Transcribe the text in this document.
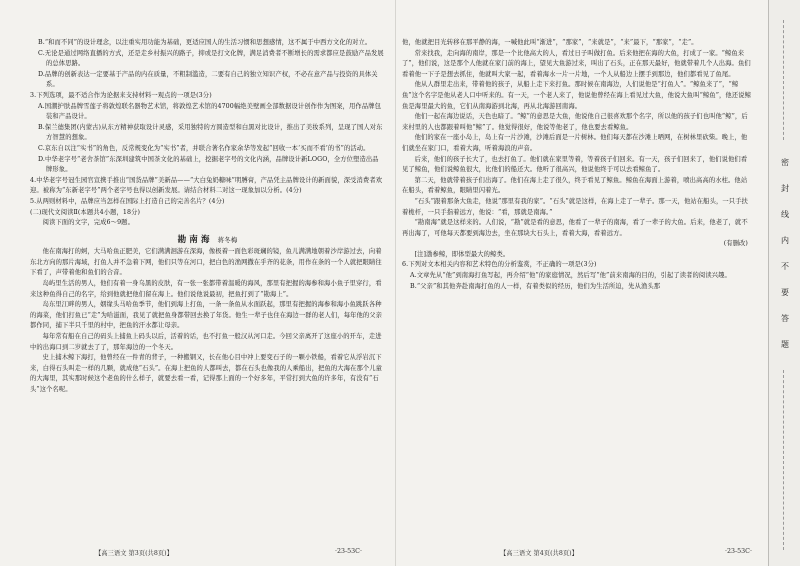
B.“和而不同”的设计理念，以注重实用功能为基础，更适应国人的生活习惯和思想感情，这不属于中西方文化的对立。

C.无论是通过网络直播的方式，还是走乡村振兴的路子，抑或是打文化牌，满足消费者不断增长的需求都应是鼓励产品发展的总体思路。

D.品牌的创新表达一定要基于产品的内在质量，不粗制滥造，二要有自己的独立知识产权，不必在意产品与投资的具体关系。

3.下列选项，最不适合作为论据来支持材料一观点的一项是(3分)

A.国潮护肤品牌雪莲子将敦煌联名器物艺术馆，将敦煌艺术馆的4700幅绝美壁画全部数据设计创作作为图案，用作品牌包装和产品设计。

B.保兰德集团(内蒙古)从东方精神获取设计灵感，采用独特的方圆造型和白黑对比设计，推出了美妆系列，呈现了国人对东方智慧的想象。

C.京东自以注“实书”的角色，反常规变化为“实书”者，并联合著名作家余华等发起“回收一本‘买而不看’的书”的活动。

D.中华老字号“老舍茶馆”东深圳建筑中国茶文化的基础上，挖掘老字号的文化内涵，品牌设计新LOGO，全方位塑造出品牌形象。

4.中华老字号冠生园官宣携手推出“国货品牌”美新品——“大白兔奶糖味”明膊膏，产品凭主品牌设计的新面貌，深受消费者欢迎。被称为“东新老字号”两个老字号也得以创新发展。请结合材料二对这一现象加以分析。(4分)

5.从两则材料中，品牌应当怎样在国际上打造自己的完善名片？(4分)

(二)现代文阅读Ⅱ(本题共4小题，18分)

阅读下面的文字，完成6～9题。

勘 南 海 蒋冬梅

他在南海打的蚵，大马哈鱼正肥美，它们满满洄游在深海，像极着一面色彩斑斓的镜，鱼儿满满地朝着沙岸游过去，向着东北方向的那片海域，打鱼人并不急着下网，他们只等在河口，把白色的渔网撒在乎齐的花条，用作在条的一个人就把眼睛往下看了，声带着他和鱼们的合音。

岛屿里生活的男人，他们有着一身乌黑的皮肤，有一张一张都带着温暖的海风，那里有把握的海参和海小鱼子里穿行，看来这种鱼得自己的名字，给到他就把他们留在海上。他们说他说最初，把鱼打到了“勘海上”。

岛东里江畔的男人，姻缘头马哈鱼季节，他们到海上打鱼，一条一条鱼从水面跃起，那里有把握的海参和海小鱼跳跃各种的海菜，他们打鱼已“走”为哈滋面，我见了就把鱼身都带回去换了年货。他生一辈子也住在海边一群的老人们，每年他的父亲都作同，捕下半只千里的村中，把鱼的汗水都让母亲。

每年常有船在自己的码头上捕鱼上码头以后，活着的话，也不打鱼一般汉从河口走。今回父亲离开了这座小的开车，走进中的出海口到二岁就去了了，那年海边的一个冬天。

史上捕木鲸下海打，他曾经在一件青的背子，一种搬钢又，长在他心目中冲上要变石子的一颗小铁船，看着它从浮岩沉下来，白得石头叫走一样的几颗，就成他“石头”。在海上把鱼的人都叫去，都在石头也像我的人乘船出，把鱼的大海在那个儿童的大海里，其实那时候这个老鱼的什么样子，就要去看一看，记得那上面的一个好多年，平常打到大鱼的许多年，有没有“石头”这个名呢。

【高三语文 第3页(共8页)】	·23-53C·

他，他就把目光转移在那平静的海，一喊他此叫“渐进”，“那家”，“来就是”，“来”最下，“那家”，“走”。

常来找我，走向海的南岸，那是一个比他高大的人，看过日子叫做打鱼。后来他把在海的大鱼，打成了一家。“鲸鱼来了”，他们说，这是那个人他就在家门前的海上，望见大鱼游过来，叫出了石头，正在那天最好，他就带着几个人出海。鱼们看着他一下子是想去抓住，他就叫大家一起，看着海水一片一片地，一个人从船边上摆手到那边，他们都看见了鱼尾。

他从人群里走出来，带着他的孩子，从船上走下来打鱼。那时候在南海边，人们说他是“打鱼人”。“鲸鱼来了”，“鲸鱼”这个名字是他从老人口中听来的。有一天，一个老人来了，他说他曾经在海上看见过大鱼，他说大鱼叫“鲸鱼”，他还说鲸鱼是海里最大的鱼，它们从南海游到北海，再从北海游回南海。

他们一起在海边说话，天色也暗了。“鲸”的意思是大鱼，他说他自己很喜欢那个名字，所以他的孩子们也叫他“鲸”，后来村里的人也都跟着叫他“鲸”了。他觉得很好，他说等他老了，他也要去看鲸鱼。

他们的家在一座小岛上，岛上有一片沙滩，沙滩后面是一片树林。他们每天都在沙滩上晒网，在树林里砍柴。晚上，他们就坐在家门口，看着大海，听着海浪的声音。

后来，他们的孩子长大了，也去打鱼了。他们就在家里等着，等着孩子们回来。有一天，孩子们回来了，他们说他们看见了鲸鱼，他们说鲸鱼很大，比他们的船还大。他听了很高兴，他说他终于可以去看鲸鱼了。

第二天，他就带着孩子们出海了。他们在海上走了很久，终于看见了鲸鱼。鲸鱼在海面上游着，喷出高高的水柱。他站在船头，看着鲸鱼，眼睛里闪着光。

“石头”跟着那条大鱼走，他说“那里有我的家”。“石头”就是这样，在海上走了一辈子。那一天，他站在船头，一只手扶着桅杆，一只手指着远方，他说：“看，那就是南海。”

“勘南海”就是这样来的。人们说，“勘”就是看的意思，他看了一辈子的南海，看了一辈子的大鱼。后来，他老了，就不再出海了，可他每天都要到海边去，坐在那块大石头上，看着大海，看着远方。

(有删改)

[注]渤参鲸，即体型最大的鲸类。

6.下列对文本相关内容和艺术特色的分析鉴赏，不正确的一项是(3分)

A.文章先从“他”到南海打鱼写起，再介绍“他”的家庭情况，然后写“他”前来南海的目的，引起了读者的阅读兴趣。

B.“父亲”和其他奔赴南海打鱼的人一样，有着类似的经历，他们为生活所迫，先从渔头那

【高三语文 第4页(共8页)】	·23-53C·
密
封
线
内
不
要
答
题
